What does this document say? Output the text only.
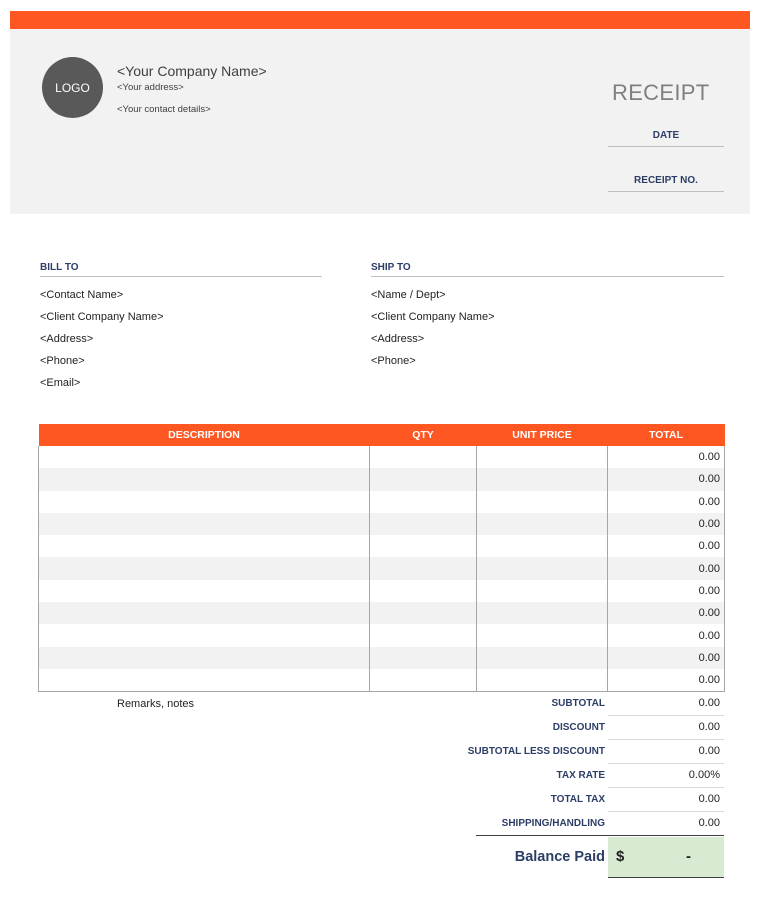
LOGO
<Your Company Name>
<Your address>
<Your contact details>
RECEIPT
DATE
RECEIPT NO.
BILL TO
<Contact Name>
<Client Company Name>
<Address>
<Phone>
<Email>
SHIP TO
<Name / Dept>
<Client Company Name>
<Address>
<Phone>
DESCRIPTION	QTY	UNIT PRICE	TOTAL
			0.00
			0.00
			0.00
			0.00
			0.00
			0.00
			0.00
			0.00
			0.00
			0.00
			0.00
Remarks, notes	SUBTOTAL	0.00
DISCOUNT	0.00
SUBTOTAL LESS DISCOUNT	0.00
TAX RATE	0.00%
TOTAL TAX	0.00
SHIPPING/HANDLING	0.00
Balance Paid $	-
